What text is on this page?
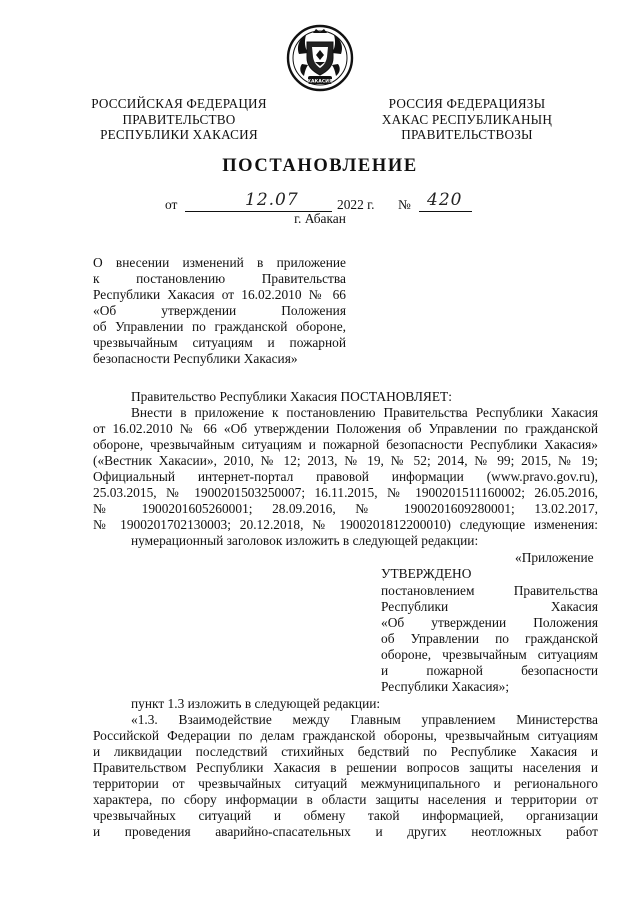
ХАКАСИЯ
РОССИЙСКАЯ ФЕДЕРАЦИЯ
ПРАВИТЕЛЬСТВО
РЕСПУБЛИКИ ХАКАСИЯ
РОССИЯ ФЕДЕРАЦИЯЗЫ
ХАКАС РЕСПУБЛИКАНЫҢ
ПРАВИТЕЛЬСТВОЗЫ
ПОСТАНОВЛЕНИЕ
от	12.07	2022 г. № 420
г. Абакан
О внесении изменений в приложение
к постановлению Правительства
Республики Хакасия от 16.02.2010 № 66
«Об утверждении Положения
об Управлении по гражданской обороне,
чрезвычайным ситуациям и пожарной
безопасности Республики Хакасия»
Правительство Республики Хакасия ПОСТАНОВЛЯЕТ:
Внести в приложение к постановлению Правительства Республики Хакасия
от 16.02.2010 № 66 «Об утверждении Положения об Управлении по гражданской
обороне, чрезвычайным ситуациям и пожарной безопасности Республики Хакасия»
(«Вестник Хакасии», 2010, № 12; 2013, № 19, № 52; 2014, № 99; 2015, № 19;
Официальный интернет-портал правовой информации (www.pravo.gov.ru),
25.03.2015, № 1900201503250007; 16.11.2015, № 1900201511160002; 26.05.2016,
№ 1900201605260001; 28.09.2016, № 1900201609280001; 13.02.2017,
№ 1900201702130003; 20.12.2018, № 1900201812200010) следующие изменения:
нумерационный заголовок изложить в следующей редакции:
«Приложение
УТВЕРЖДЕНО
постановлением Правительства
Республики Хакасия
«Об утверждении Положения
об Управлении по гражданской
обороне, чрезвычайным ситуациям
и пожарной безопасности
Республики Хакасия»;
пункт 1.3 изложить в следующей редакции:
«1.3. Взаимодействие между Главным управлением Министерства
Российской Федерации по делам гражданской обороны, чрезвычайным ситуациям
и ликвидации последствий стихийных бедствий по Республике Хакасия и
Правительством Республики Хакасия в решении вопросов защиты населения и
территории от чрезвычайных ситуаций межмуниципального и регионального
характера, по сбору информации в области защиты населения и территории от
чрезвычайных ситуаций и обмену такой информацией, организации
и проведения аварийно-спасательных и других неотложных работ
